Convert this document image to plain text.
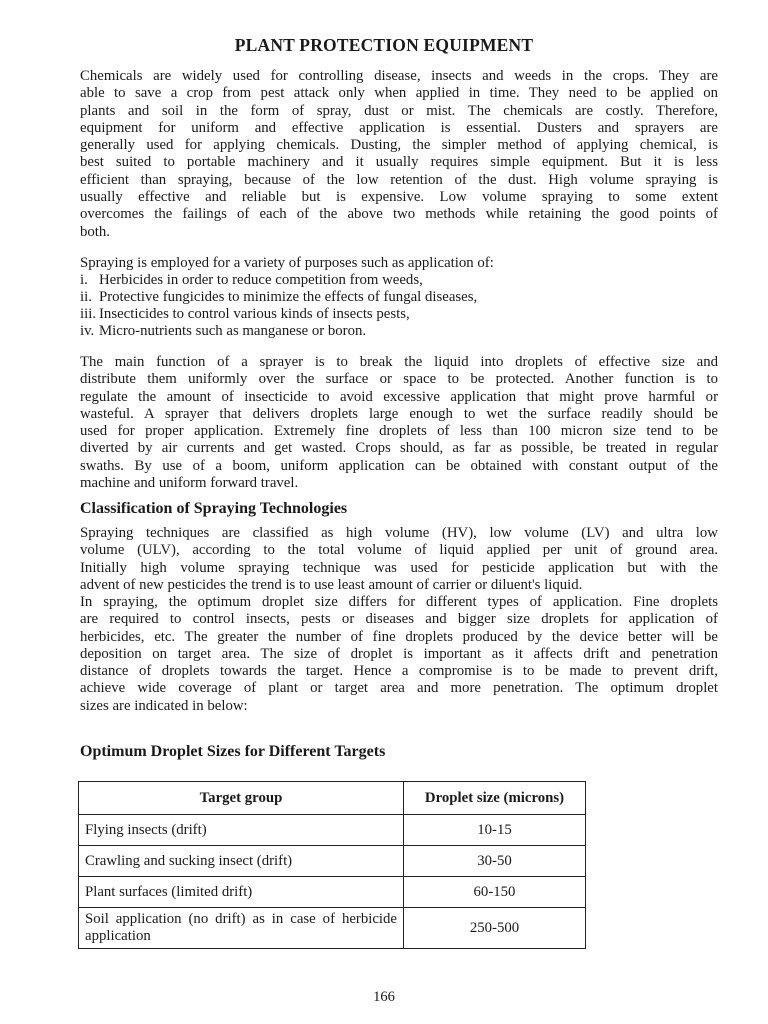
PLANT PROTECTION EQUIPMENT
Chemicals are widely used for controlling disease, insects and weeds in the crops. They are
able to save a crop from pest attack only when applied in time. They need to be applied on
plants and soil in the form of spray, dust or mist. The chemicals are costly. Therefore,
equipment for uniform and effective application is essential. Dusters and sprayers are
generally used for applying chemicals. Dusting, the simpler method of applying chemical, is
best suited to portable machinery and it usually requires simple equipment. But it is less
efficient than spraying, because of the low retention of the dust. High volume spraying is
usually effective and reliable but is expensive. Low volume spraying to some extent
overcomes the failings of each of the above two methods while retaining the good points of
both.
Spraying is employed for a variety of purposes such as application of:
i. Herbicides in order to reduce competition from weeds,
ii. Protective fungicides to minimize the effects of fungal diseases,
iii. Insecticides to control various kinds of insects pests,
iv. Micro-nutrients such as manganese or boron.
The main function of a sprayer is to break the liquid into droplets of effective size and
distribute them uniformly over the surface or space to be protected. Another function is to
regulate the amount of insecticide to avoid excessive application that might prove harmful or
wasteful. A sprayer that delivers droplets large enough to wet the surface readily should be
used for proper application. Extremely fine droplets of less than 100 micron size tend to be
diverted by air currents and get wasted. Crops should, as far as possible, be treated in regular
swaths. By use of a boom, uniform application can be obtained with constant output of the
machine and uniform forward travel.
Classification of Spraying Technologies
Spraying techniques are classified as high volume (HV), low volume (LV) and ultra low
volume (ULV), according to the total volume of liquid applied per unit of ground area.
Initially high volume spraying technique was used for pesticide application but with the
advent of new pesticides the trend is to use least amount of carrier or diluent's liquid.
In spraying, the optimum droplet size differs for different types of application. Fine droplets
are required to control insects, pests or diseases and bigger size droplets for application of
herbicides, etc. The greater the number of fine droplets produced by the device better will be
deposition on target area. The size of droplet is important as it affects drift and penetration
distance of droplets towards the target. Hence a compromise is to be made to prevent drift,
achieve wide coverage of plant or target area and more penetration. The optimum droplet
sizes are indicated in below:
Optimum Droplet Sizes for Different Targets
Target group	Droplet size (microns)
Flying insects (drift)	10-15
Crawling and sucking insect (drift)	30-50
Plant surfaces (limited drift)	60-150
Soil application (no drift) as in case of herbicide application	250-500
166
